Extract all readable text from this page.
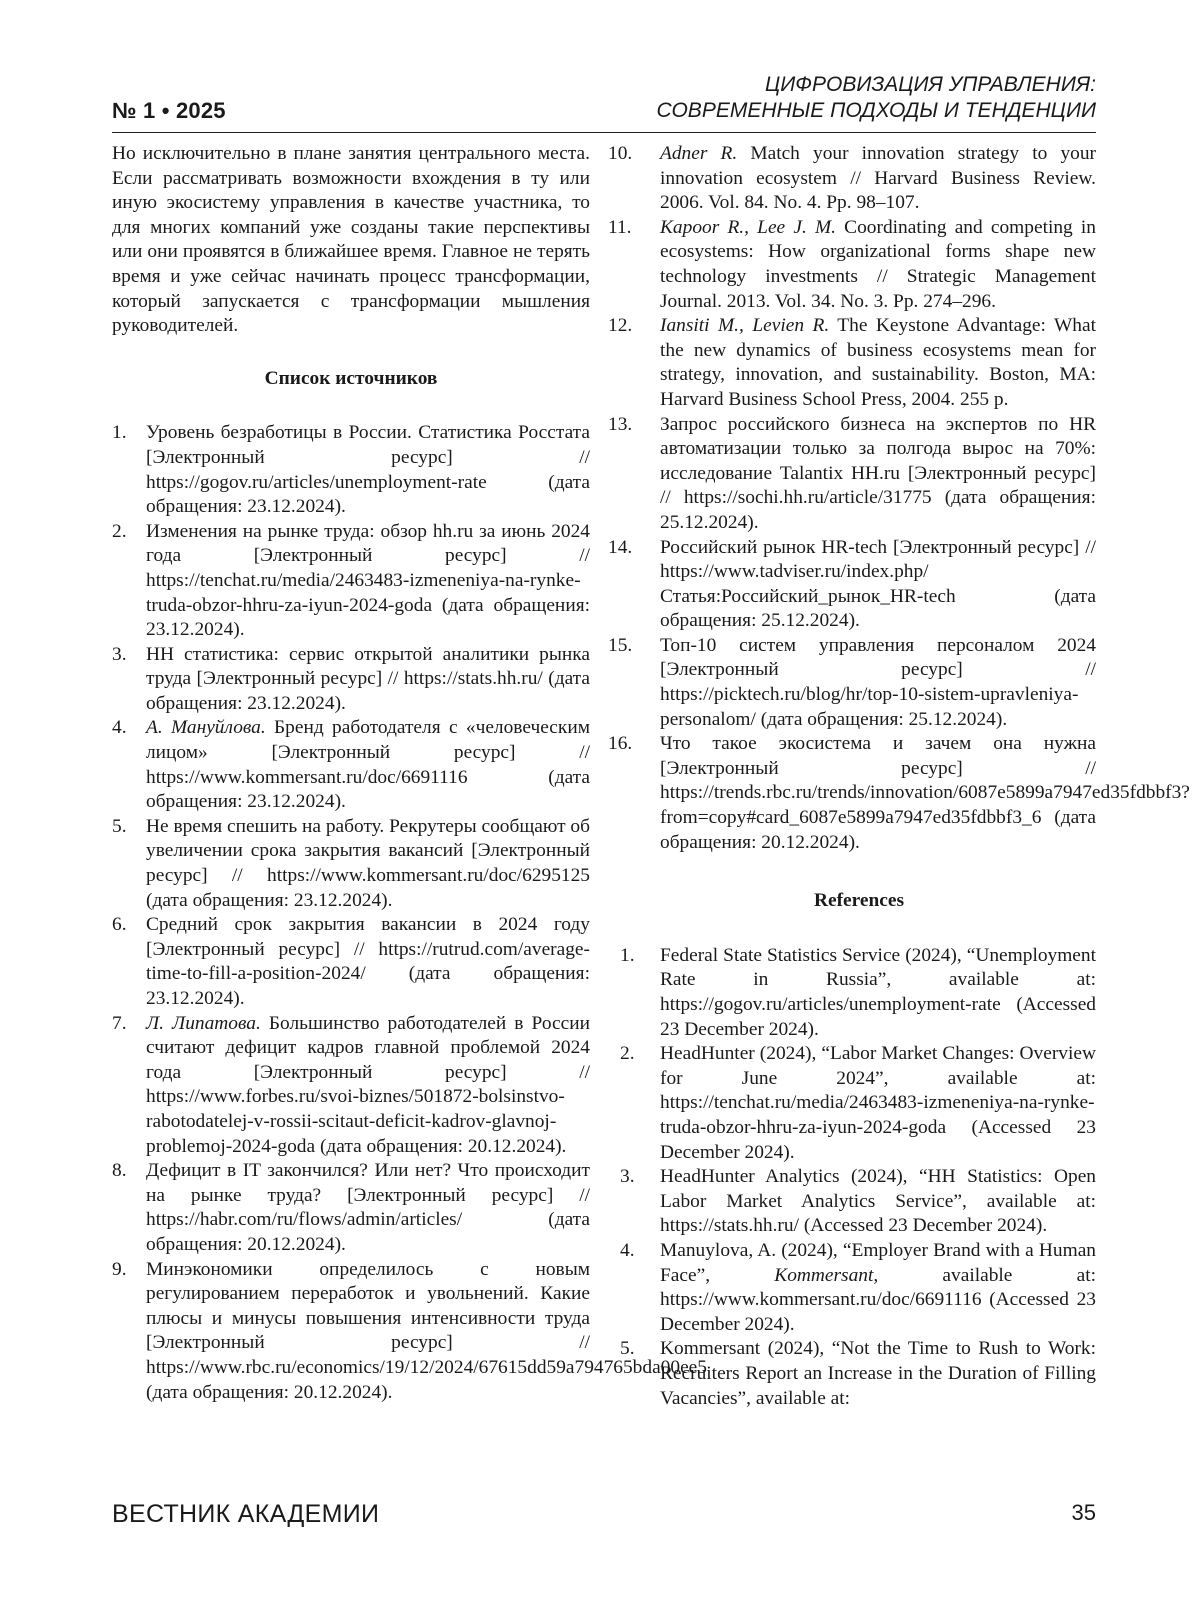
№ 1 • 2025
ЦИФРОВИЗАЦИЯ УПРАВЛЕНИЯ:
СОВРЕМЕННЫЕ ПОДХОДЫ И ТЕНДЕНЦИИ

Но исключительно в плане занятия центрального места. Если рассматривать возможности вхождения в ту или иную экосистему управления в качестве участника, то для многих компаний уже созданы такие перспективы или они проявятся в ближайшее время. Главное не терять время и уже сейчас начинать процесс трансформации, который запускается с трансформации мышления руководителей.

Список источников
1. Уровень безработицы в России. Статистика Росстата [Электронный ресурс] // https://gogov.ru/articles/unemployment-rate (дата обращения: 23.12.2024).
2. Изменения на рынке труда: обзор hh.ru за июнь 2024 года [Электронный ресурс] // https://tenchat.ru/media/2463483-izmeneniya-na-rynke-truda-obzor-hhru-za-iyun-2024-goda (дата обращения: 23.12.2024).
3. HH статистика: сервис открытой аналитики рынка труда [Электронный ресурс] // https://stats.hh.ru/ (дата обращения: 23.12.2024).
4. А. Мануйлова. Бренд работодателя с «человеческим лицом» [Электронный ресурс] // https://www.kommersant.ru/doc/6691116 (дата обращения: 23.12.2024).
5. Не время спешить на работу. Рекрутеры сообщают об увеличении срока закрытия вакансий [Электронный ресурс] // https://www.kommersant.ru/doc/6295125 (дата обращения: 23.12.2024).
6. Средний срок закрытия вакансии в 2024 году [Электронный ресурс] // https://rutrud.com/average-time-to-fill-a-position-2024/ (дата обращения: 23.12.2024).
7. Л. Липатова. Большинство работодателей в России считают дефицит кадров главной проблемой 2024 года [Электронный ресурс] // https://www.forbes.ru/svoi-biznes/501872-bolsinstvo-rabotodatelej-v-rossii-scitaut-deficit-kadrov-glavnoj-problemoj-2024-goda (дата обращения: 20.12.2024).
8. Дефицит в IT закончился? Или нет? Что происходит на рынке труда? [Электронный ресурс] // https://habr.com/ru/flows/admin/articles/ (дата обращения: 20.12.2024).
9. Минэкономики определилось с новым регулированием переработок и увольнений. Какие плюсы и минусы повышения интенсивности труда [Электронный ресурс] // https://www.rbc.ru/economics/19/12/2024/67615dd59a794765bda00ee5 (дата обращения: 20.12.2024).
10. Adner R. Match your innovation strategy to your innovation ecosystem // Harvard Business Review. 2006. Vol. 84. No. 4. Pp. 98–107.
11. Kapoor R., Lee J. M. Coordinating and competing in ecosystems: How organizational forms shape new technology investments // Strategic Management Journal. 2013. Vol. 34. No. 3. Pp. 274–296.
12. Iansiti M., Levien R. The Keystone Advantage: What the new dynamics of business ecosystems mean for strategy, innovation, and sustainability. Boston, MA: Harvard Business School Press, 2004. 255 p.
13. Запрос российского бизнеса на экспертов по HR автоматизации только за полгода вырос на 70%: исследование Talantix HH.ru [Электронный ресурс] // https://sochi.hh.ru/article/31775 (дата обращения: 25.12.2024).
14. Российский рынок HR-tech [Электронный ресурс] // https://www.tadviser.ru/index.php/Статья:Российский_рынок_HR-tech (дата обращения: 25.12.2024).
15. Топ-10 систем управления персоналом 2024 [Электронный ресурс] // https://picktech.ru/blog/hr/top-10-sistem-upravleniya-personalom/ (дата обращения: 25.12.2024).
16. Что такое экосистема и зачем она нужна [Электронный ресурс] // https://trends.rbc.ru/trends/innovation/6087e5899a7947ed35fdbbf3?from=copy#card_6087e5899a7947ed35fdbbf3_6 (дата обращения: 20.12.2024).
References
1. Federal State Statistics Service (2024), “Unemployment Rate in Russia”, available at: https://gogov.ru/articles/unemployment-rate (Accessed 23 December 2024).
2. HeadHunter (2024), “Labor Market Changes: Overview for June 2024”, available at: https://tenchat.ru/media/2463483-izmeneniya-na-rynke-truda-obzor-hhru-za-iyun-2024-goda (Accessed 23 December 2024).
3. HeadHunter Analytics (2024), “HH Statistics: Open Labor Market Analytics Service”, available at: https://stats.hh.ru/ (Accessed 23 December 2024).
4. Manuylova, A. (2024), “Employer Brand with a Human Face”, Kommersant, available at: https://www.kommersant.ru/doc/6691116 (Accessed 23 December 2024).
5. Kommersant (2024), “Not the Time to Rush to Work: Recruiters Report an Increase in the Duration of Filling Vacancies”, available at:
ВЕСТНИК АКАДЕМИИ	35
